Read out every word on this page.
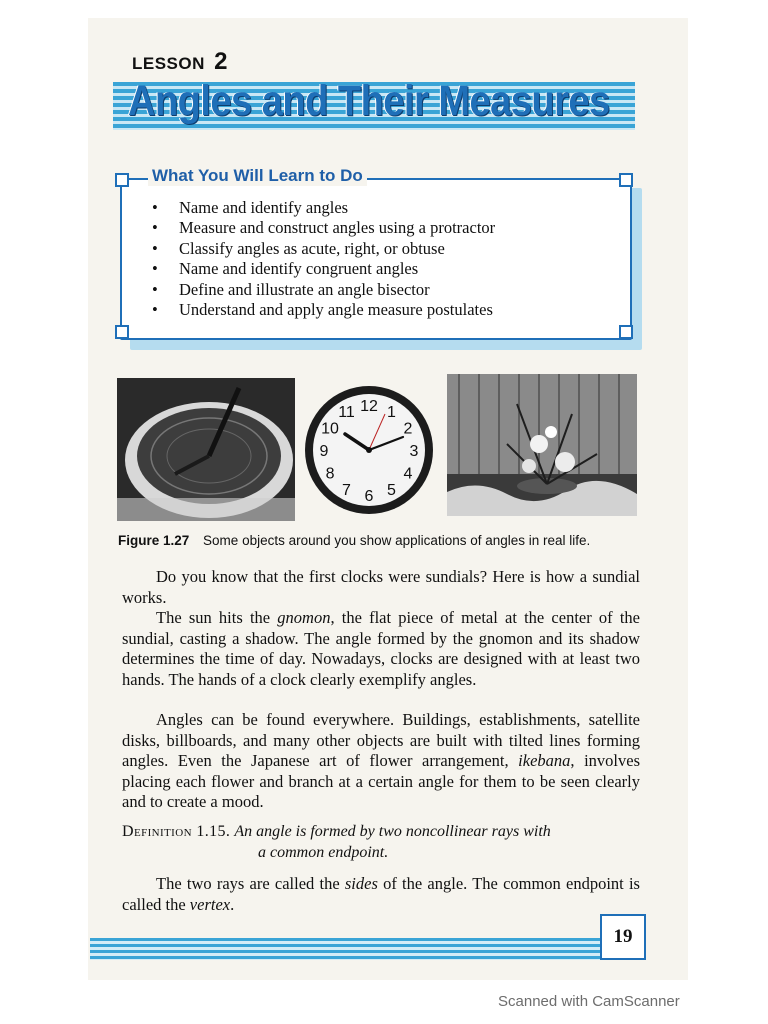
LESSON 2
Angles and Their Measures
What You Will Learn to Do
• Name and identify angles
• Measure and construct angles using a protractor
• Classify angles as acute, right, or obtuse
• Name and identify congruent angles
• Define and illustrate an angle bisector
• Understand and apply angle measure postulates
12 1
2
3
4
5
6
7
8
9
10
11
Figure 1.27 Some objects around you show applications of angles in real life.

Do you know that the first clocks were sundials? Here is how a sundial works.

The sun hits the gnomon, the flat piece of metal at the center of the sundial, casting a shadow. The angle formed by the gnomon and its shadow determines the time of day. Nowadays, clocks are designed with at least two hands. The hands of a clock clearly exemplify angles.

Angles can be found everywhere. Buildings, establishments, satellite disks, billboards, and many other objects are built with tilted lines forming angles. Even the Japanese art of flower arrangement, ikebana, involves placing each flower and branch at a certain angle for them to be seen clearly and to create a mood.

Definition 1.15. An angle is formed by two noncollinear rays with
a common endpoint.

The two rays are called the sides of the angle. The common endpoint is called the vertex.

19
Scanned with CamScanner
